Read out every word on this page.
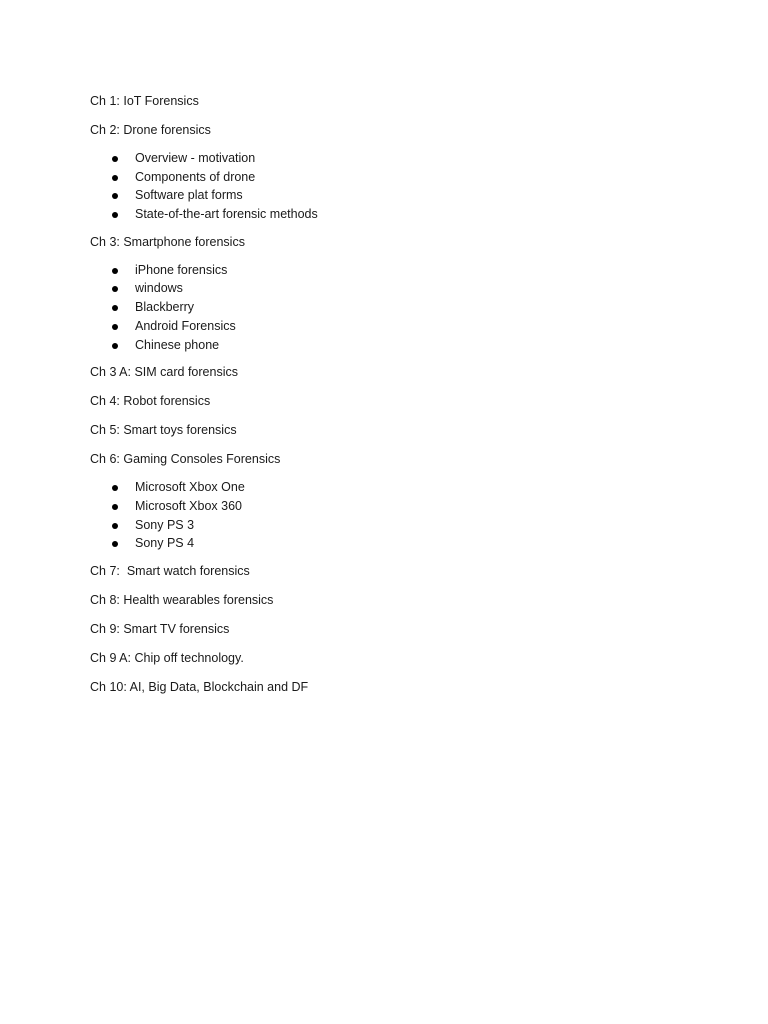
Ch 1: IoT Forensics

Ch 2: Drone forensics

Overview - motivation
Components of drone
Software plat forms
State-of-the-art forensic methods

Ch 3: Smartphone forensics

iPhone forensics
windows
Blackberry
Android Forensics
Chinese phone

Ch 3 A: SIM card forensics

Ch 4: Robot forensics

Ch 5: Smart toys forensics

Ch 6: Gaming Consoles Forensics

Microsoft Xbox One
Microsoft Xbox 360
Sony PS 3
Sony PS 4

Ch 7:  Smart watch forensics

Ch 8: Health wearables forensics

Ch 9: Smart TV forensics

Ch 9 A: Chip off technology.

Ch 10: AI, Big Data, Blockchain and DF
